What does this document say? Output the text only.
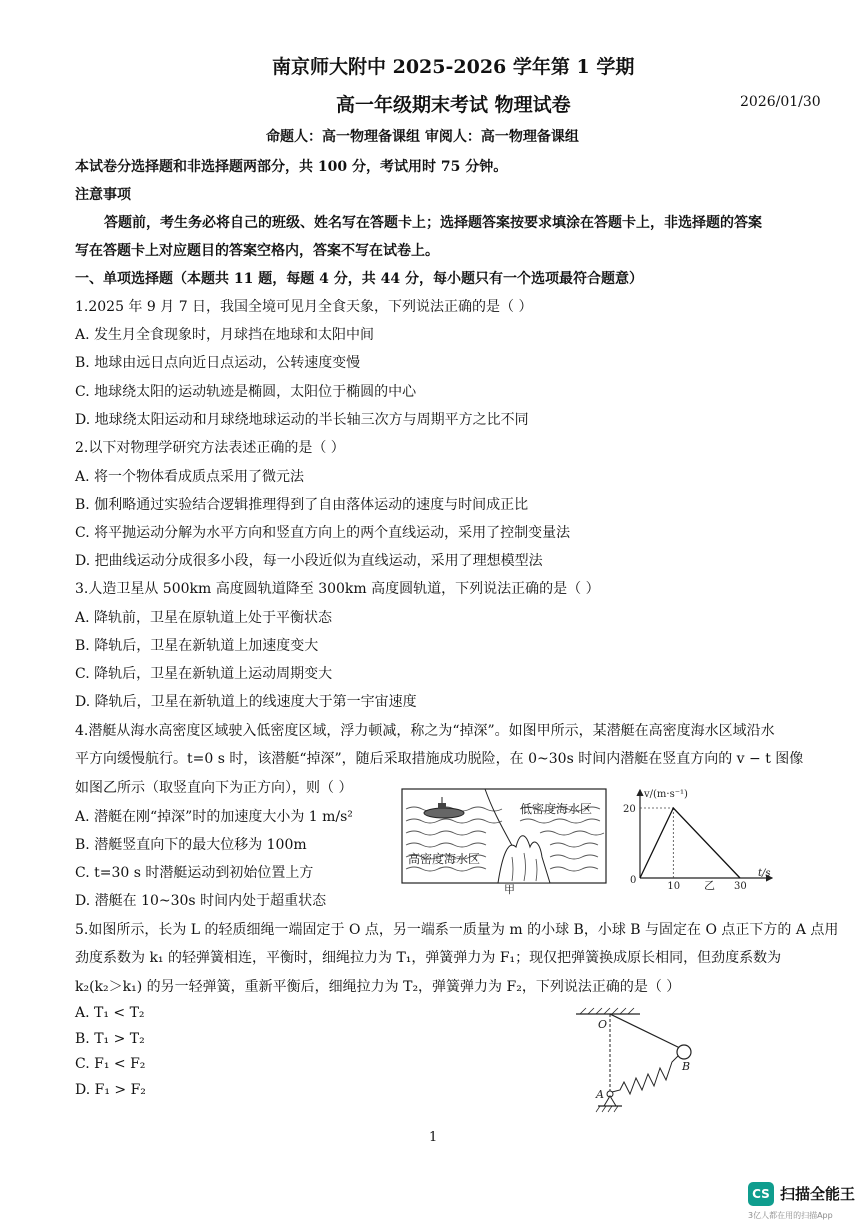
南京师大附中 2025-2026 学年第 1 学期
高一年级期末考试 物理试卷	2026/01/30
命题人：高一物理备课组 审阅人：高一物理备课组
本试卷分选择题和非选择题两部分，共 100 分，考试用时 75 分钟。
注意事项
答题前，考生务必将自己的班级、姓名写在答题卡上；选择题答案按要求填涂在答题卡上，非选择题的答案
写在答题卡上对应题目的答案空格内，答案不写在试卷上。
一、单项选择题（本题共 11 题，每题 4 分，共 44 分，每小题只有一个选项最符合题意）
1.2025 年 9 月 7 日，我国全境可见月全食天象，下列说法正确的是（ ）
A. 发生月全食现象时，月球挡在地球和太阳中间
B. 地球由远日点向近日点运动，公转速度变慢
C. 地球绕太阳的运动轨迹是椭圆，太阳位于椭圆的中心
D. 地球绕太阳运动和月球绕地球运动的半长轴三次方与周期平方之比不同
2.以下对物理学研究方法表述正确的是（ ）
A. 将一个物体看成质点采用了微元法
B. 伽利略通过实验结合逻辑推理得到了自由落体运动的速度与时间成正比
C. 将平抛运动分解为水平方向和竖直方向上的两个直线运动，采用了控制变量法
D. 把曲线运动分成很多小段，每一小段近似为直线运动，采用了理想模型法
3.人造卫星从 500km 高度圆轨道降至 300km 高度圆轨道，下列说法正确的是（ ）
A. 降轨前，卫星在原轨道上处于平衡状态
B. 降轨后，卫星在新轨道上加速度变大
C. 降轨后，卫星在新轨道上运动周期变大
D. 降轨后，卫星在新轨道上的线速度大于第一宇宙速度
4.潜艇从海水高密度区域驶入低密度区域，浮力顿减，称之为“掉深”。如图甲所示，某潜艇在高密度海水区域沿水
平方向缓慢航行。t=0 s 时，该潜艇“掉深”，随后采取措施成功脱险，在 0~30s 时间内潜艇在竖直方向的 v − t 图像
如图乙所示（取竖直向下为正方向），则（ ）
A. 潜艇在刚“掉深”时的加速度大小为 1 m/s²
B. 潜艇竖直向下的最大位移为 100m
C. t=30 s 时潜艇运动到初始位置上方
D. 潜艇在 10~30s 时间内处于超重状态
低密度海水区
高密度海水区
甲
v/(m·s⁻¹)
t/s
0
20
10	30
乙
5.如图所示，长为 L 的轻质细绳一端固定于 O 点，另一端系一质量为 m 的小球 B，小球 B 与固定在 O 点正下方的 A 点用
劲度系数为 k₁ 的轻弹簧相连，平衡时，细绳拉力为 T₁，弹簧弹力为 F₁；现仅把弹簧换成原长相同，但劲度系数为
k₂(k₂＞k₁) 的另一轻弹簧，重新平衡后，细绳拉力为 T₂，弹簧弹力为 F₂，下列说法正确的是（ ）
A. T₁ < T₂
B. T₁ > T₂
C. F₁ < F₂
D. F₁ > F₂
O
A
B
1
CS 扫描全能王
3亿人都在用的扫描App
